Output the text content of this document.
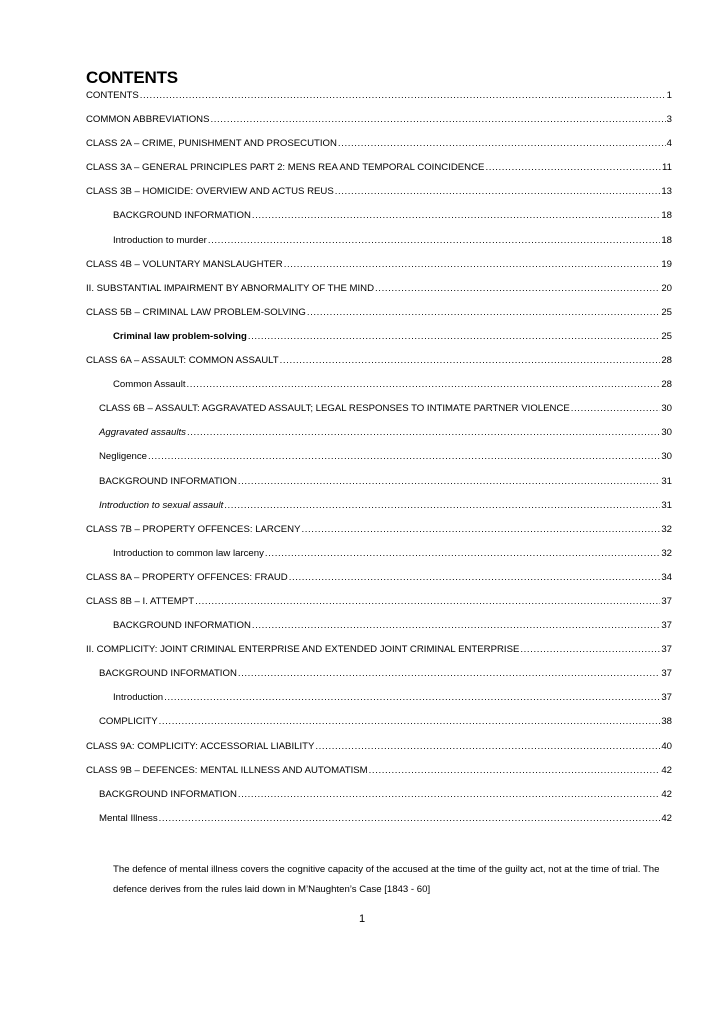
CONTENTS
CONTENTS .....	1
COMMON ABBREVIATIONS .....	3
CLASS 2A – CRIME, PUNISHMENT AND PROSECUTION .....	4
CLASS 3A – GENERAL PRINCIPLES PART 2: MENS REA AND TEMPORAL COINCIDENCE .....	11
CLASS 3B – HOMICIDE: OVERVIEW AND ACTUS REUS .....	13
BACKGROUND INFORMATION .....	18
Introduction to murder .....	18
CLASS 4B – VOLUNTARY MANSLAUGHTER .....	19
II. SUBSTANTIAL IMPAIRMENT BY ABNORMALITY OF THE MIND .....	20
CLASS 5B – CRIMINAL LAW PROBLEM-SOLVING .....	25
Criminal law problem-solving .....	25
CLASS 6A – ASSAULT: COMMON ASSAULT .....	28
Common Assault .....	28
CLASS 6B – ASSAULT: AGGRAVATED ASSAULT; LEGAL RESPONSES TO INTIMATE PARTNER VIOLENCE .....	30
Aggravated assaults .....	30
Negligence .....	30
BACKGROUND INFORMATION .....	31
Introduction to sexual assault .....	31
CLASS 7B – PROPERTY OFFENCES: LARCENY .....	32
Introduction to common law larceny .....	32
CLASS 8A – PROPERTY OFFENCES: FRAUD .....	34
CLASS 8B – I. ATTEMPT .....	37
BACKGROUND INFORMATION .....	37
II. COMPLICITY: JOINT CRIMINAL ENTERPRISE AND EXTENDED JOINT CRIMINAL ENTERPRISE .....	37
BACKGROUND INFORMATION .....	37
Introduction .....	37
COMPLICITY .....	38
CLASS 9A: COMPLICITY: ACCESSORIAL LIABILITY .....	40
CLASS 9B – DEFENCES: MENTAL ILLNESS AND AUTOMATISM .....	42
BACKGROUND INFORMATION .....	42
Mental Illness .....	42

The defence of mental illness covers the cognitive capacity of the accused at the time of the guilty act, not at the time of trial. The defence derives from the rules laid down in M’Naughten’s Case [1843 - 60]

1
